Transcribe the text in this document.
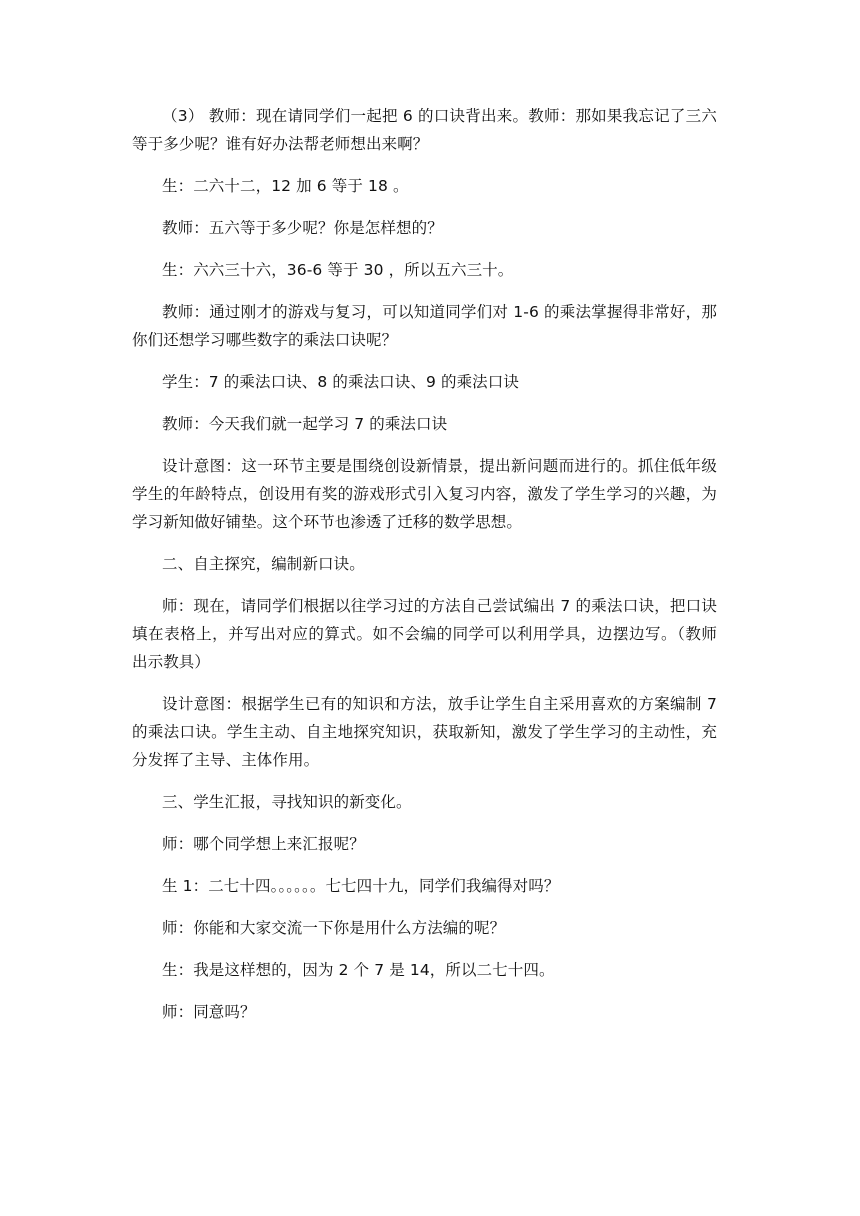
（3） 教师：现在请同学们一起把 6 的口诀背出来。教师：那如果我忘记了三六等于多少呢？谁有好办法帮老师想出来啊？

生：二六十二，12 加 6 等于 18 。

教师：五六等于多少呢？你是怎样想的？

生：六六三十六，36-6 等于 30 ，所以五六三十。

教师：通过刚才的游戏与复习，可以知道同学们对 1-6 的乘法掌握得非常好，那你们还想学习哪些数字的乘法口诀呢？

学生：7 的乘法口诀、8 的乘法口诀、9 的乘法口诀

教师：今天我们就一起学习 7 的乘法口诀

设计意图：这一环节主要是围绕创设新情景，提出新问题而进行的。抓住低年级学生的年龄特点，创设用有奖的游戏形式引入复习内容，激发了学生学习的兴趣，为学习新知做好铺垫。这个环节也渗透了迁移的数学思想。

二、自主探究，编制新口诀。

师：现在，请同学们根据以往学习过的方法自己尝试编出 7 的乘法口诀，把口诀填在表格上，并写出对应的算式。如不会编的同学可以利用学具，边摆边写。（教师出示教具）

设计意图：根据学生已有的知识和方法，放手让学生自主采用喜欢的方案编制 7 的乘法口诀。学生主动、自主地探究知识，获取新知，激发了学生学习的主动性，充分发挥了主导、主体作用。

三、学生汇报，寻找知识的新变化。

师：哪个同学想上来汇报呢？

生 1：二七十四。。。。。。七七四十九，同学们我编得对吗？

师：你能和大家交流一下你是用什么方法编的呢？

生：我是这样想的，因为 2 个 7 是 14，所以二七十四。

师：同意吗？
